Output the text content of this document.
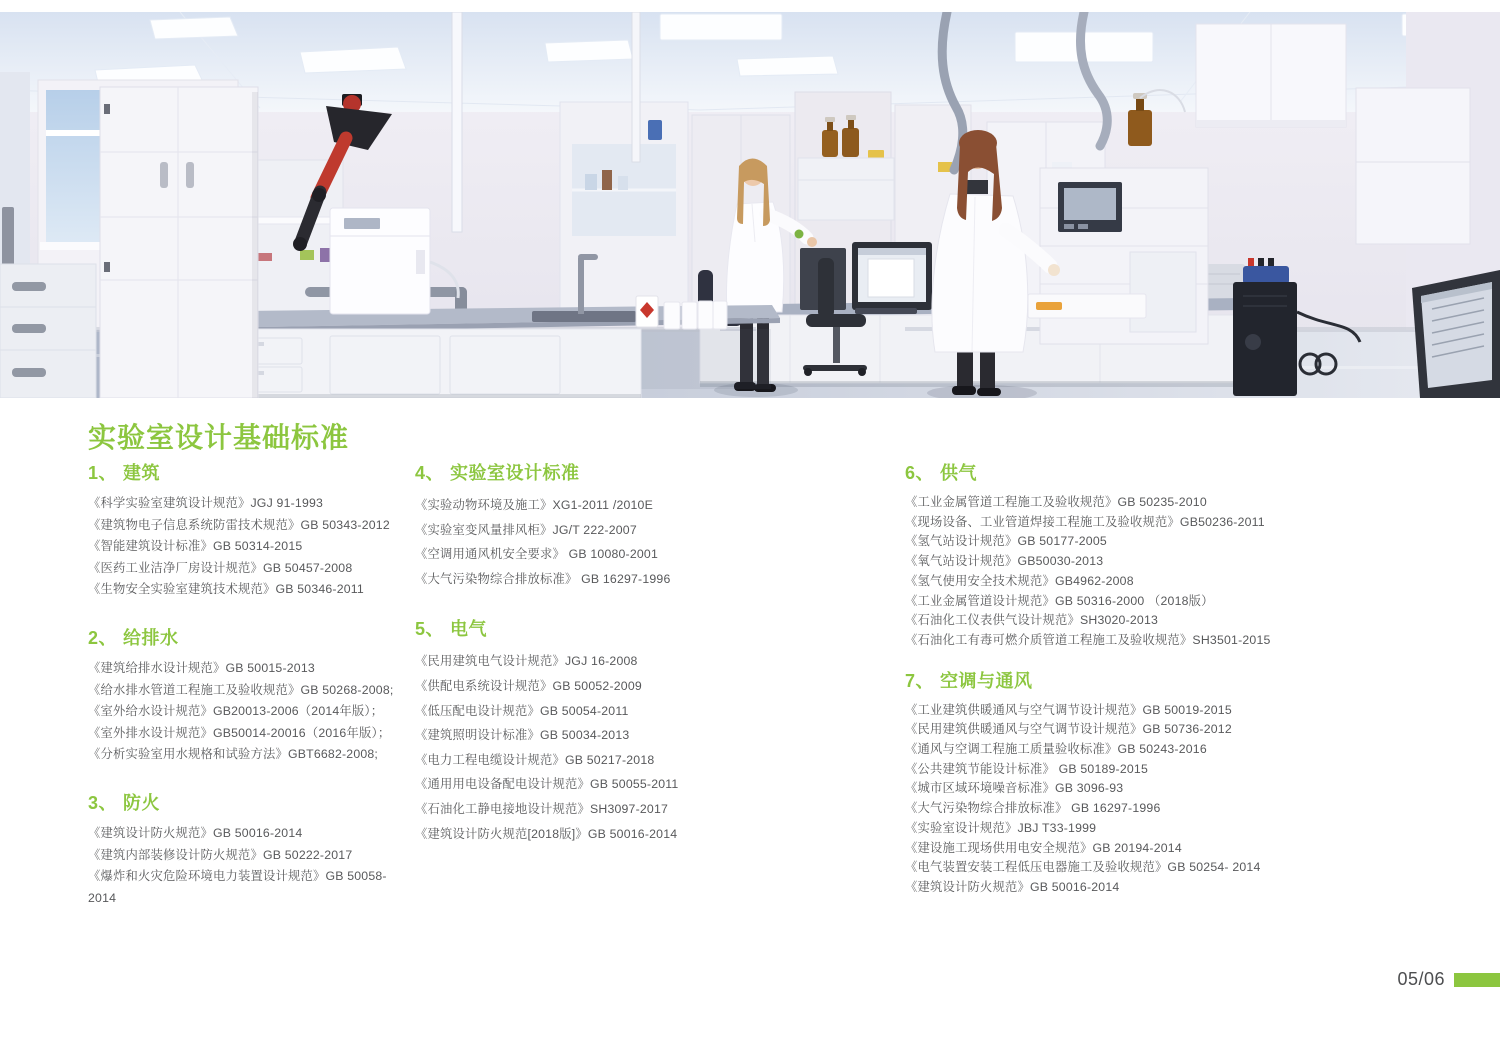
实验室设计基础标准
1、 建筑

《科学实验室建筑设计规范》JGJ 91-1993

《建筑物电子信息系统防雷技术规范》GB 50343-2012

《智能建筑设计标准》GB 50314-2015

《医药工业洁净厂房设计规范》GB 50457-2008

《生物安全实验室建筑技术规范》GB 50346-2011

2、 给排水

《建筑给排水设计规范》GB 50015-2013

《给水排水管道工程施工及验收规范》GB 50268-2008;

《室外给水设计规范》GB20013-2006（2014年版）；

《室外排水设计规范》GB50014-20016（2016年版）；

《分析实验室用水规格和试验方法》GBT6682-2008;

3、 防火

《建筑设计防火规范》GB 50016-2014

《建筑内部装修设计防火规范》GB 50222-2017

《爆炸和火灾危险环境电力装置设计规范》GB 50058-2014

4、 实验室设计标准

《实验动物环境及施工》XG1-2011 /2010E

《实验室变风量排风柜》JG/T 222-2007

《空调用通风机安全要求》 GB 10080-2001

《大气污染物综合排放标准》 GB 16297-1996

5、 电气

《民用建筑电气设计规范》JGJ 16-2008

《供配电系统设计规范》GB 50052-2009

《低压配电设计规范》GB 50054-2011

《建筑照明设计标准》GB 50034-2013

《电力工程电缆设计规范》GB 50217-2018

《通用用电设备配电设计规范》GB 50055-2011

《石油化工静电接地设计规范》SH3097-2017

《建筑设计防火规范[2018版]》GB 50016-2014

6、 供气

《工业金属管道工程施工及验收规范》GB 50235-2010

《现场设备、工业管道焊接工程施工及验收规范》GB50236-2011

《氢气站设计规范》GB 50177-2005

《氧气站设计规范》GB50030-2013

《氢气使用安全技术规范》GB4962-2008

《工业金属管道设计规范》GB 50316-2000 （2018版）

《石油化工仪表供气设计规范》SH3020-2013

《石油化工有毒可燃介质管道工程施工及验收规范》SH3501-2015

7、 空调与通风

《工业建筑供暖通风与空气调节设计规范》GB 50019-2015

《民用建筑供暖通风与空气调节设计规范》GB 50736-2012

《通风与空调工程施工质量验收标准》GB 50243-2016

《公共建筑节能设计标准》 GB 50189-2015

《城市区域环境噪音标准》GB 3096-93

《大气污染物综合排放标准》 GB 16297-1996

《实验室设计规范》JBJ T33-1999

《建设施工现场供用电安全规范》GB 20194-2014

《电气装置安装工程低压电器施工及验收规范》GB 50254- 2014

《建筑设计防火规范》GB 50016-2014

05/06
